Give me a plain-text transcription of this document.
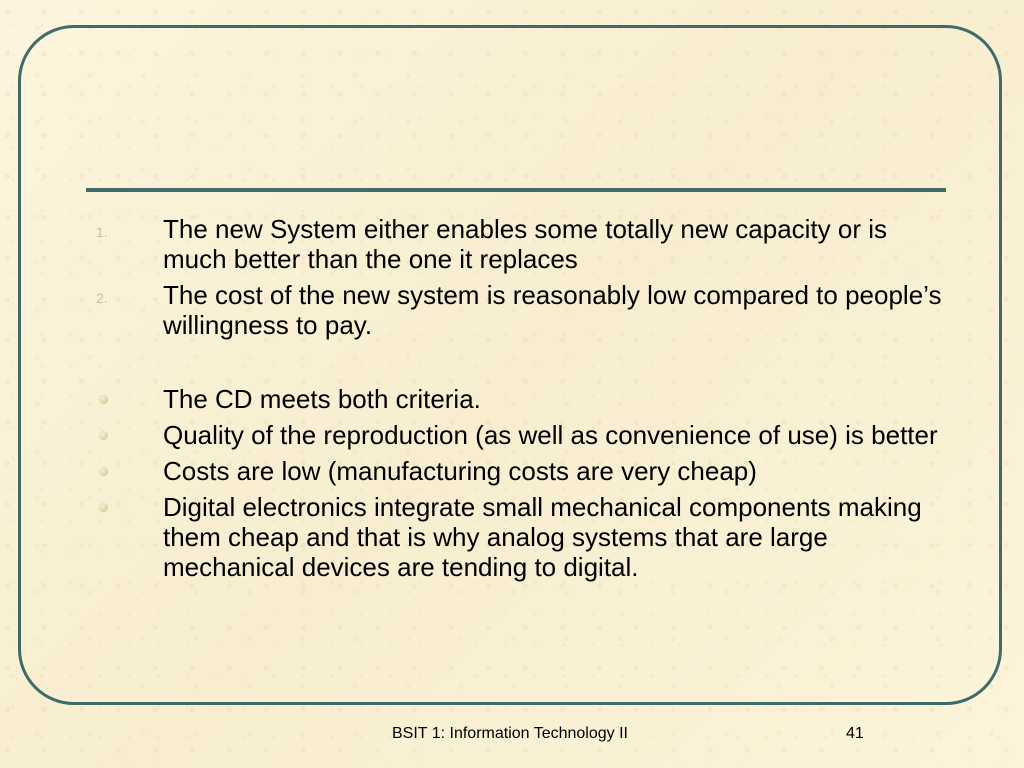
1. The new System either enables some totally new capacity or is much better than the one it replaces
2. The cost of the new system is reasonably low compared to people’s willingness to pay.
The CD meets both criteria.
Quality of the reproduction (as well as convenience of use) is better
Costs are low (manufacturing costs are very cheap)
Digital electronics integrate small mechanical components making them cheap and that is why analog systems that are large mechanical devices are tending to digital.
BSIT 1: Information Technology II	41
